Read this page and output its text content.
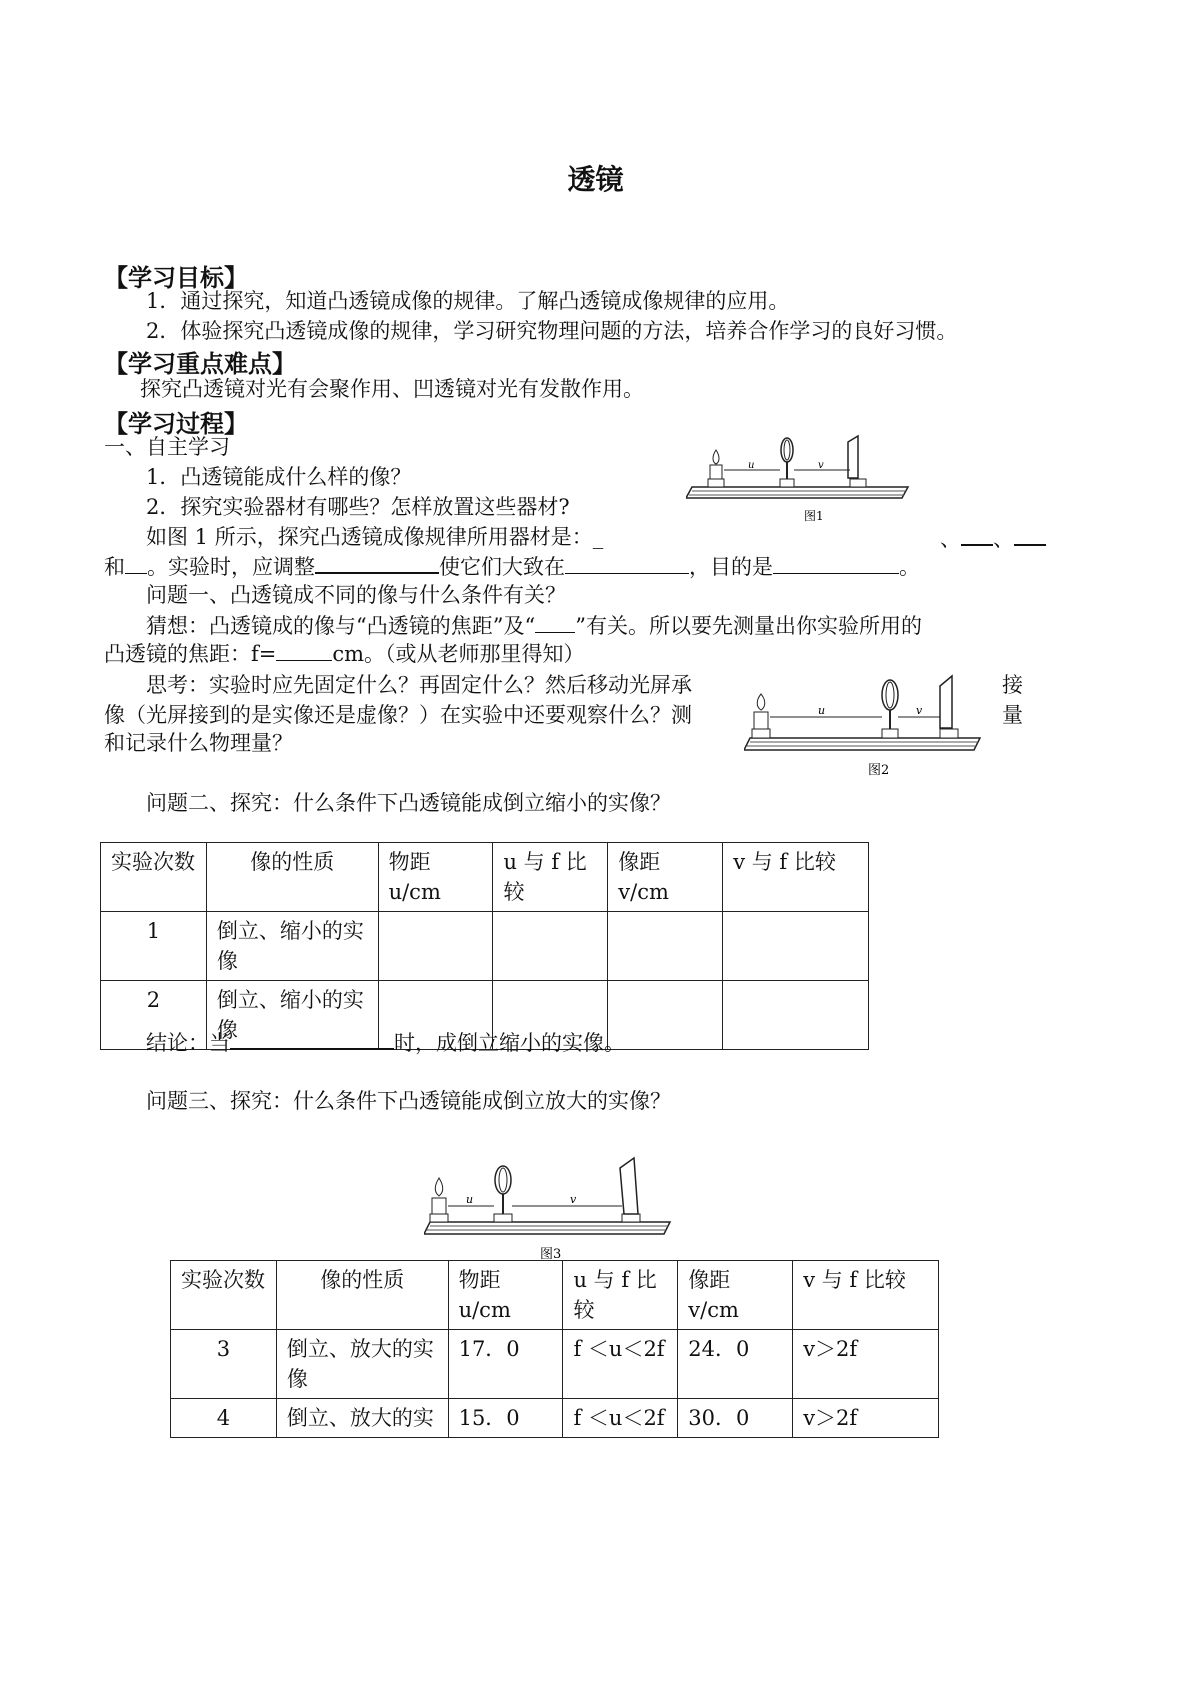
透镜
【学习目标】
1．通过探究，知道凸透镜成像的规律。了解凸透镜成像规律的应用。
2．体验探究凸透镜成像的规律，学习研究物理问题的方法，培养合作学习的良好习惯。
【学习重点难点】
探究凸透镜对光有会聚作用、凹透镜对光有发散作用。
【学习过程】
一、自主学习
1．凸透镜能成什么样的像？
2．探究实验器材有哪些？怎样放置这些器材?
u	v
图1
如图 1 所示，探究凸透镜成像规律所用器材是：_	、 、
和 。实验时，应调整	使它们大致在	，目的是	。
问题一、凸透镜成不同的像与什么条件有关？
猜想：凸透镜成的像与“凸透镜的焦距”及“ ”有关。所以要先测量出你实验所用的
凸透镜的焦距：f=	cm。（或从老师那里得知）
思考：实验时应先固定什么？再固定什么？然后移动光屏承	接
像（光屏接到的是实像还是虚像？）在实验中还要观察什么？测	量
和记录什么物理量？
u	v
图2
问题二、探究：什么条件下凸透镜能成倒立缩小的实像？
实验次数	像的性质	物距 u/cm	u 与 f 比较	像距 v/cm	v 与 f 比较
1	倒立、缩小的实像				
2	倒立、缩小的实像				
结论：当	时，成倒立缩小的实像。
问题三、探究：什么条件下凸透镜能成倒立放大的实像？
u	v
图3
实验次数	像的性质	物距 u/cm	u 与 f 比较	像距 v/cm	v 与 f 比较
3	倒立、放大的实像	17．0	f ＜u＜2f	24．0	v＞2f
4	倒立、放大的实	15．0	f ＜u＜2f	30．0	v＞2f
